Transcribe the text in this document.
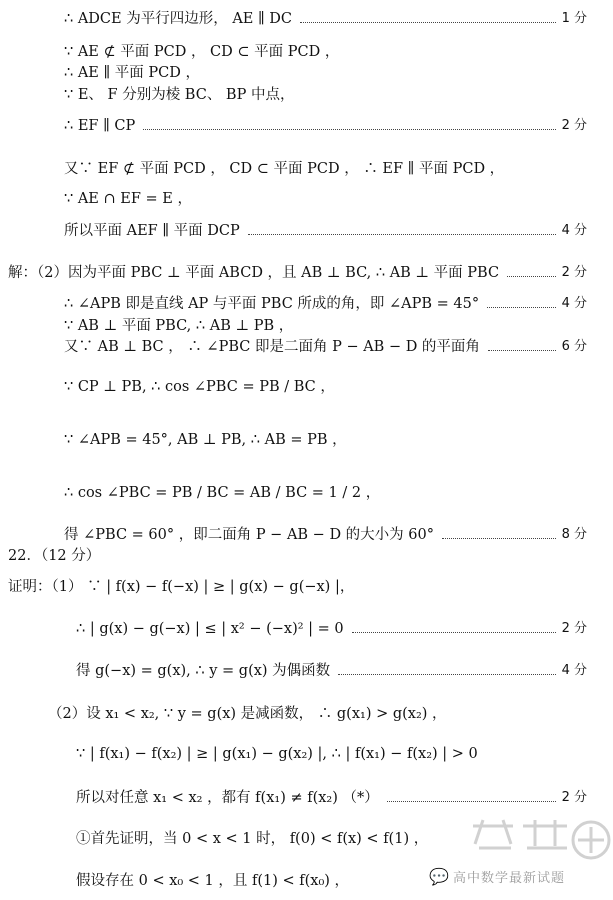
∴ ADCE 为平行四边形， AE ∥ DC	1 分
∵ AE ⊄ 平面 PCD ， CD ⊂ 平面 PCD ，
∴ AE ∥ 平面 PCD ，
∵ E、 F 分别为棱 BC、 BP 中点，
∴ EF ∥ CP	2 分
又∵ EF ⊄ 平面 PCD ， CD ⊂ 平面 PCD ， ∴ EF ∥ 平面 PCD ，
∵ AE ∩ EF = E ，
所以平面 AEF ∥ 平面 DCP	4 分
解：（2）因为平面 PBC ⊥ 平面 ABCD ，且 AB ⊥ BC, ∴ AB ⊥ 平面 PBC	2 分
∴ ∠APB 即是直线 AP 与平面 PBC 所成的角，即 ∠APB = 45°	4 分
∵ AB ⊥ 平面 PBC, ∴ AB ⊥ PB ，
又∵ AB ⊥ BC ， ∴ ∠PBC 即是二面角 P − AB − D 的平面角	6 分
∵ CP ⊥ PB, ∴ cos ∠PBC = PB / BC ，
∵ ∠APB = 45°, AB ⊥ PB, ∴ AB = PB ，
∴ cos ∠PBC = PB / BC = AB / BC = 1 / 2 ，
得 ∠PBC = 60° ，即二面角 P − AB − D 的大小为 60°	8 分
22．（12 分）
证明：（1） ∵ | f(x) − f(−x) | ≥ | g(x) − g(−x) |，
∴ | g(x) − g(−x) | ≤ | x² − (−x)² | = 0	2 分
得 g(−x) = g(x), ∴ y = g(x) 为偶函数	4 分
（2）设 x₁ < x₂, ∵ y = g(x) 是减函数， ∴ g(x₁) > g(x₂) ，
∵ | f(x₁) − f(x₂) | ≥ | g(x₁) − g(x₂) |, ∴ | f(x₁) − f(x₂) | > 0
所以对任意 x₁ < x₂ ，都有 f(x₁) ≠ f(x₂) （*）	2 分
①首先证明，当 0 < x < 1 时， f(0) < f(x) < f(1) ，
假设存在 0 < x₀ < 1 ，且 f(1) < f(x₀) ，	💬 高中数学最新试题
